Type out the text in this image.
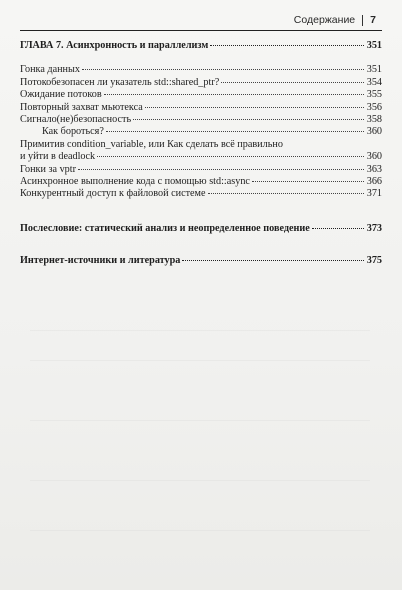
Содержание 7
ГЛАВА 7. Асинхронность и параллелизм	351
Гонка данных	351
Потокобезопасен ли указатель std::shared_ptr?	354
Ожидание потоков	355
Повторный захват мьютекса	356
Сигнало(не)безопасность	358
Как бороться?	360
Примитив condition_variable, или Как сделать всё правильно
и уйти в deadlock	360
Гонки за vptr	363
Асинхронное выполнение кода с помощью std::async	366
Конкурентный доступ к файловой системе	371
Послесловие: статический анализ и неопределенное поведение	373
Интернет-источники и литература	375
